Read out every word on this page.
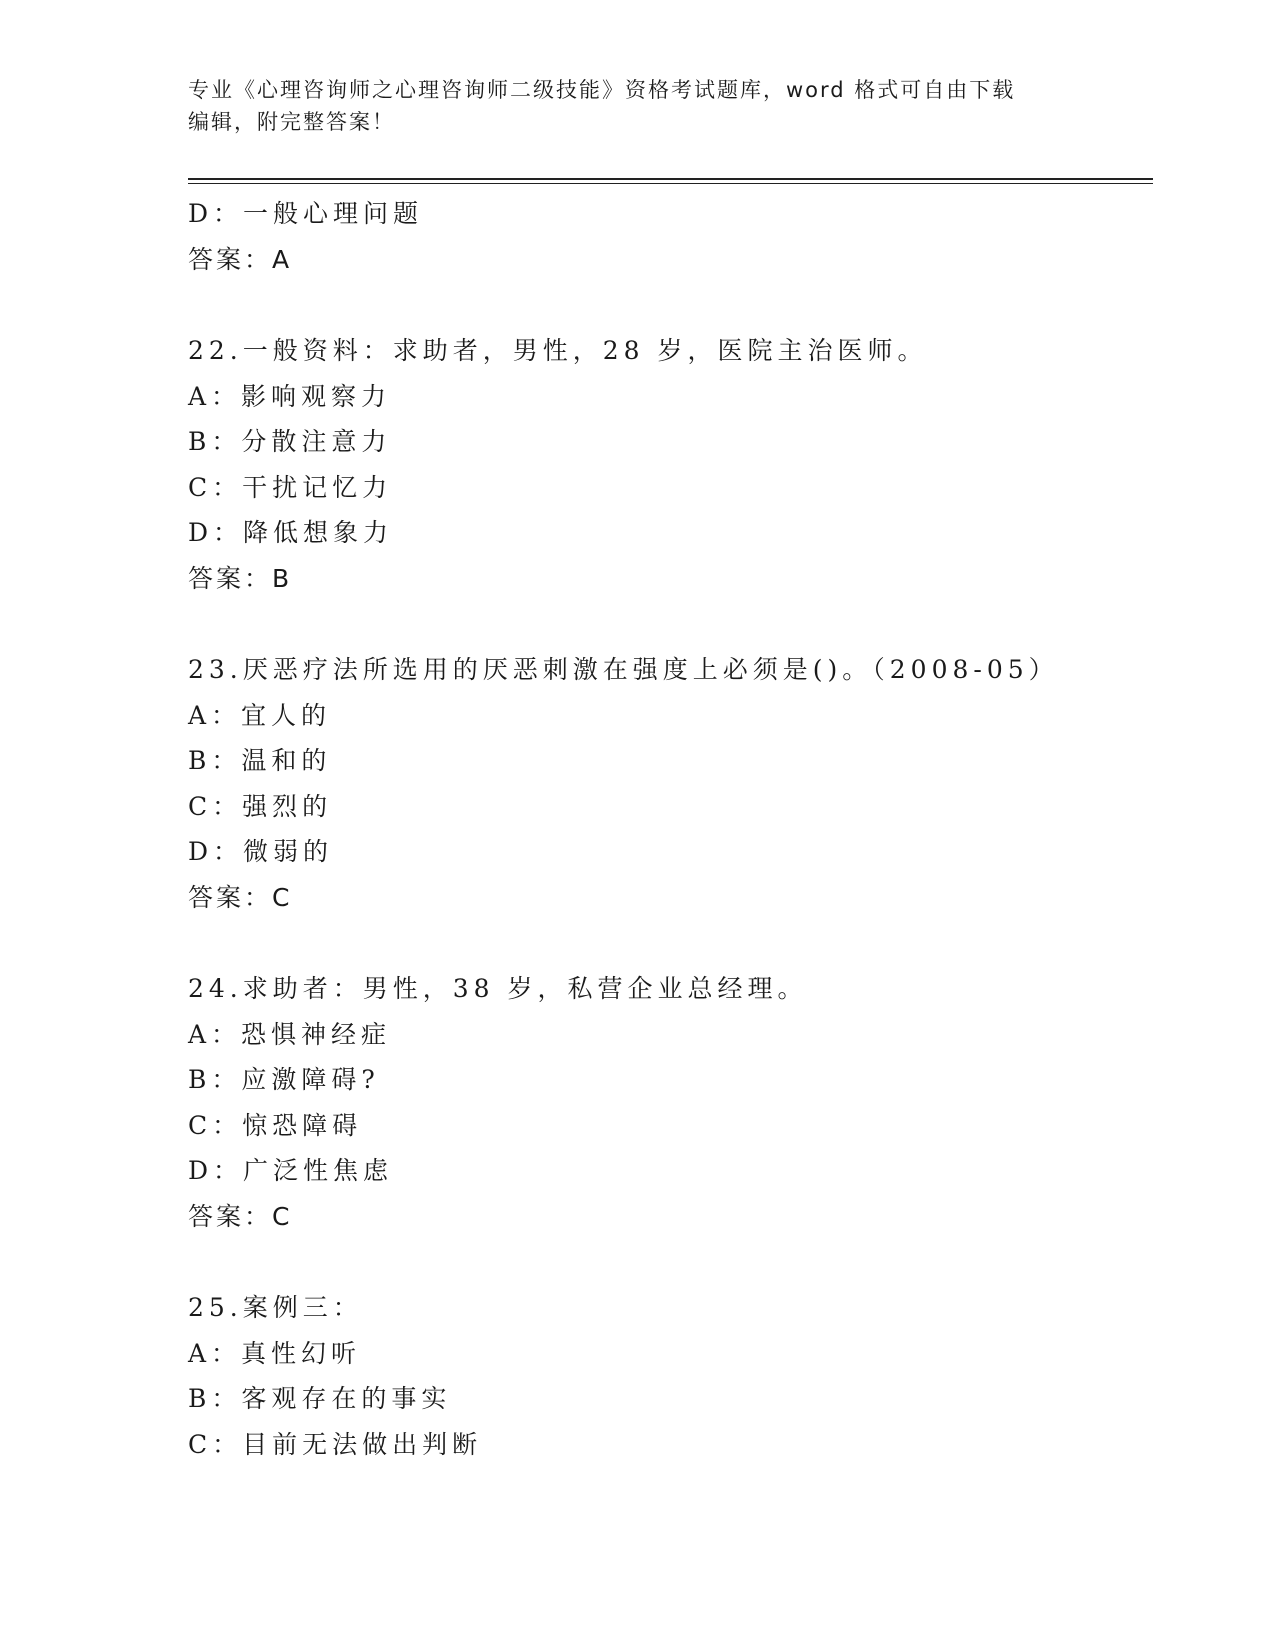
专业《心理咨询师之心理咨询师二级技能》资格考试题库，word 格式可自由下载
编辑，附完整答案！
D：一般心理问题
答案：A
22.一般资料：求助者，男性，28 岁，医院主治医师。
A：影响观察力
B：分散注意力
C：干扰记忆力
D：降低想象力
答案：B
23.厌恶疗法所选用的厌恶刺激在强度上必须是()。（2008-05）
A：宜人的
B：温和的
C：强烈的
D：微弱的
答案：C
24.求助者：男性，38 岁，私营企业总经理。
A：恐惧神经症
B：应激障碍?
C：惊恐障碍
D：广泛性焦虑
答案：C
25.案例三：
A：真性幻听
B：客观存在的事实
C：目前无法做出判断
